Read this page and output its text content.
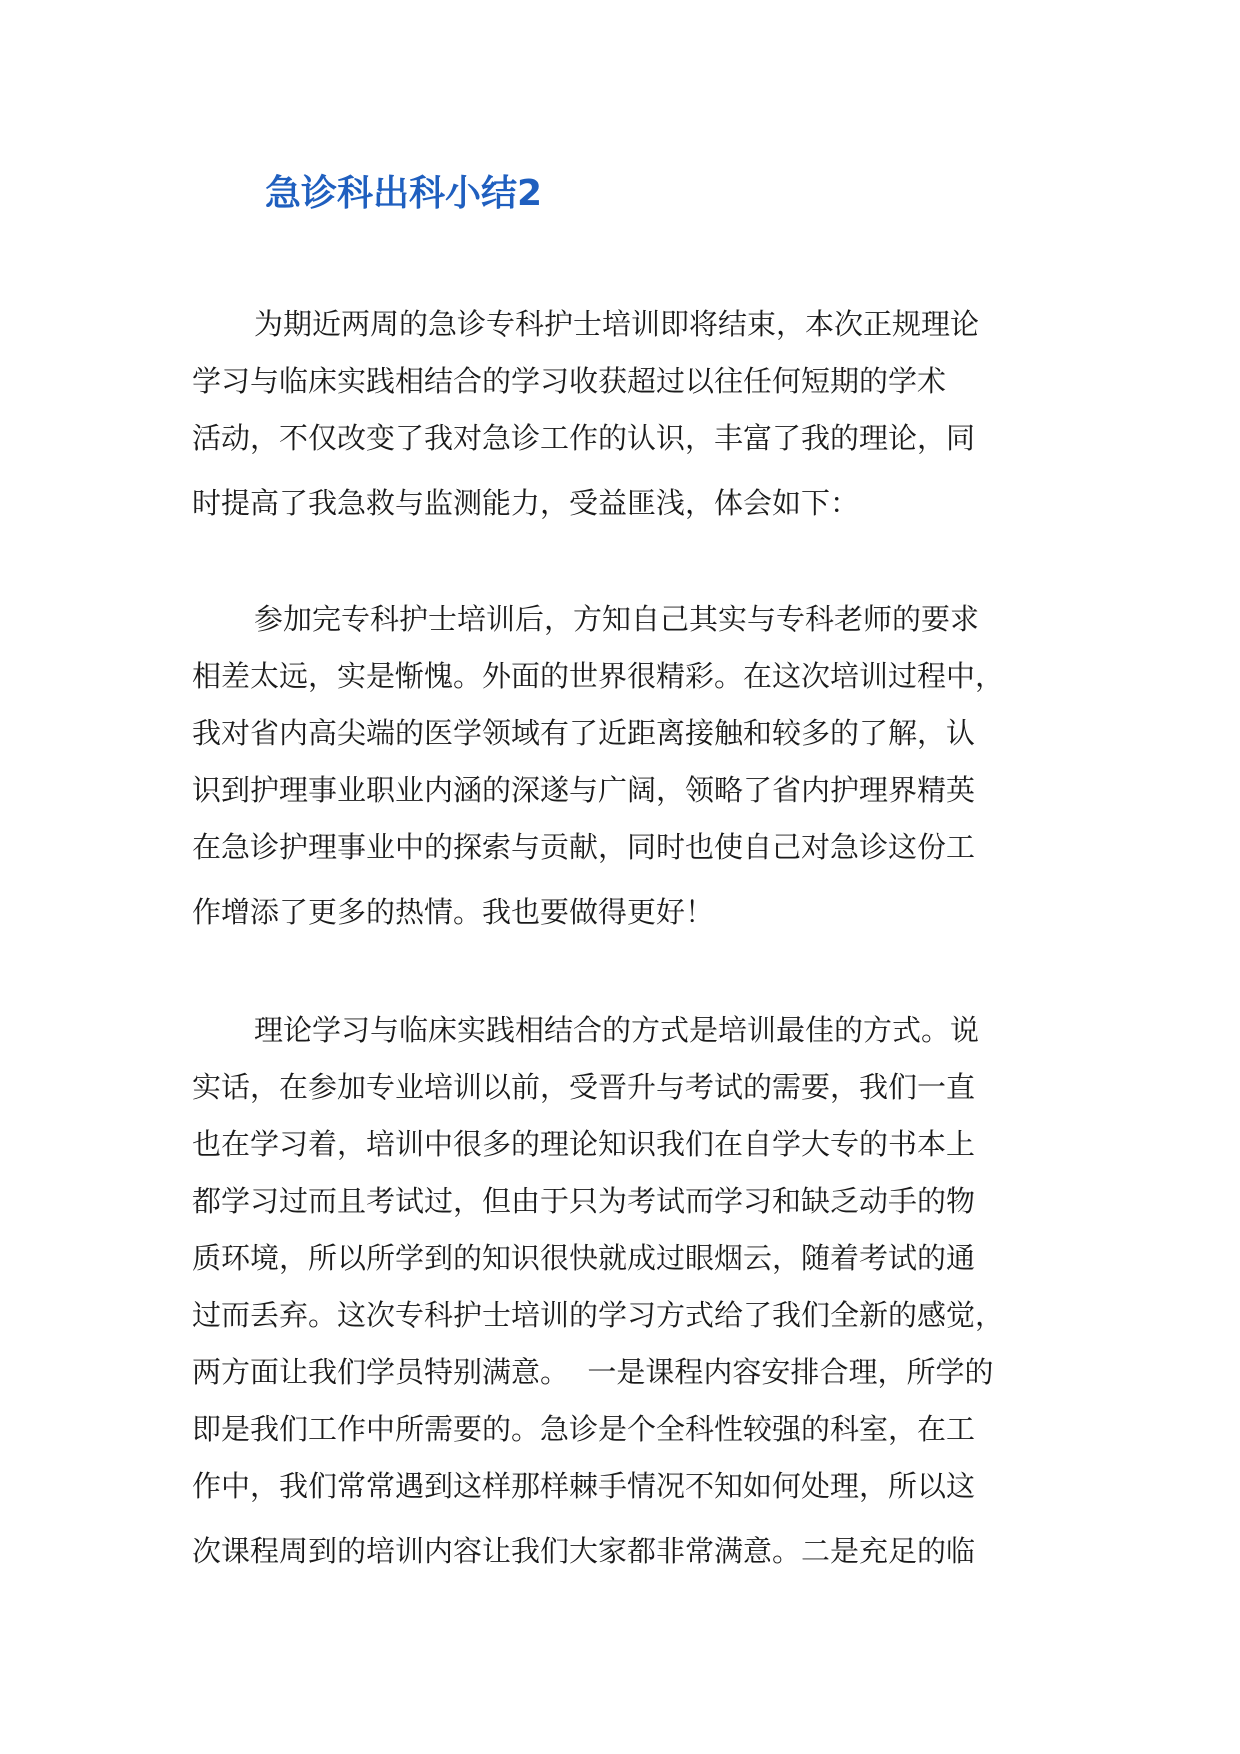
急诊科出科小结2

为期近两周的急诊专科护士培训即将结束，本次正规理论
学习与临床实践相结合的学习收获超过以往任何短期的学术
活动，不仅改变了我对急诊工作的认识，丰富了我的理论，同
时提高了我急救与监测能力，受益匪浅，体会如下：

参加完专科护士培训后，方知自己其实与专科老师的要求
相差太远，实是惭愧。外面的世界很精彩。在这次培训过程中，
我对省内高尖端的医学领域有了近距离接触和较多的了解，认
识到护理事业职业内涵的深遂与广阔，领略了省内护理界精英
在急诊护理事业中的探索与贡献，同时也使自己对急诊这份工
作增添了更多的热情。我也要做得更好！

理论学习与临床实践相结合的方式是培训最佳的方式。说
实话，在参加专业培训以前，受晋升与考试的需要，我们一直
也在学习着，培训中很多的理论知识我们在自学大专的书本上
都学习过而且考试过，但由于只为考试而学习和缺乏动手的物
质环境，所以所学到的知识很快就成过眼烟云，随着考试的通
过而丢弃。这次专科护士培训的学习方式给了我们全新的感觉，
两方面让我们学员特别满意。  一是课程内容安排合理，所学的
即是我们工作中所需要的。急诊是个全科性较强的科室，在工
作中，我们常常遇到这样那样棘手情况不知如何处理，所以这
次课程周到的培训内容让我们大家都非常满意。二是充足的临
